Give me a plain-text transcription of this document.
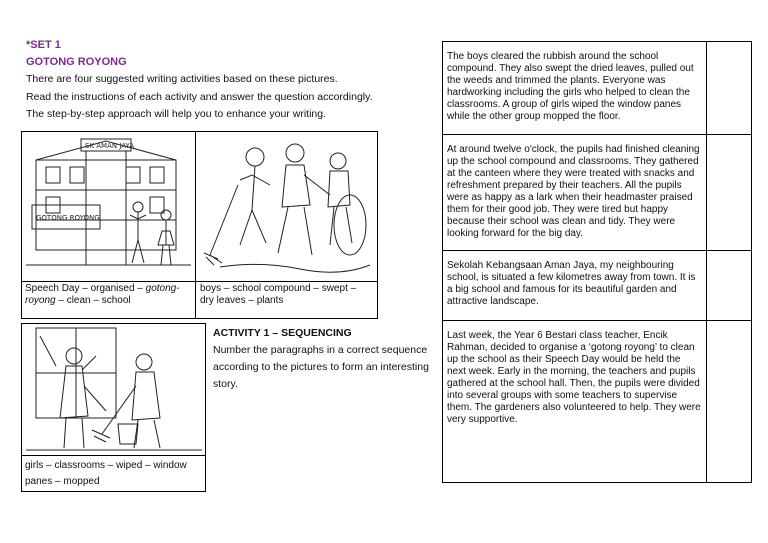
*SET 1
GOTONG ROYONG
There are four suggested writing activities based on these pictures.
Read the instructions of each activity and answer the question accordingly.
The step-by-step approach will help you to enhance your writing.
SK AMAN JAYA
GOTONG ROYONG
Speech Day – organised – gotong-royong – clean – school
boys – school compound – swept – dry leaves – plants
girls – classrooms – wiped – window panes – mopped
ACTIVITY 1 – SEQUENCING
Number the paragraphs in a correct sequence according to the pictures to form an interesting story.
The boys cleared the rubbish around the school compound. They also swept the dried leaves, pulled out the weeds and trimmed the plants. Everyone was hardworking including the girls who helped to clean the classrooms. A group of girls wiped the window panes while the other group mopped the floor.	
At around twelve o'clock, the pupils had finished cleaning up the school compound and classrooms. They gathered at the canteen where they were treated with snacks and refreshment prepared by their teachers. All the pupils were as happy as a lark when their headmaster praised them for their good job. They were tired but happy because their school was clean and tidy. They were looking forward for the big day.	
Sekolah Kebangsaan Aman Jaya, my neighbouring school, is situated a few kilometres away from town. It is a big school and famous for its beautiful garden and attractive landscape.	
Last week, the Year 6 Bestari class teacher, Encik Rahman, decided to organise a ‘gotong royong’ to clean up the school as their Speech Day would be held the next week. Early in the morning, the teachers and pupils gathered at the school hall. Then, the pupils were divided into several groups with some teachers to supervise them. The gardeners also volunteered to help. They were very supportive.	
